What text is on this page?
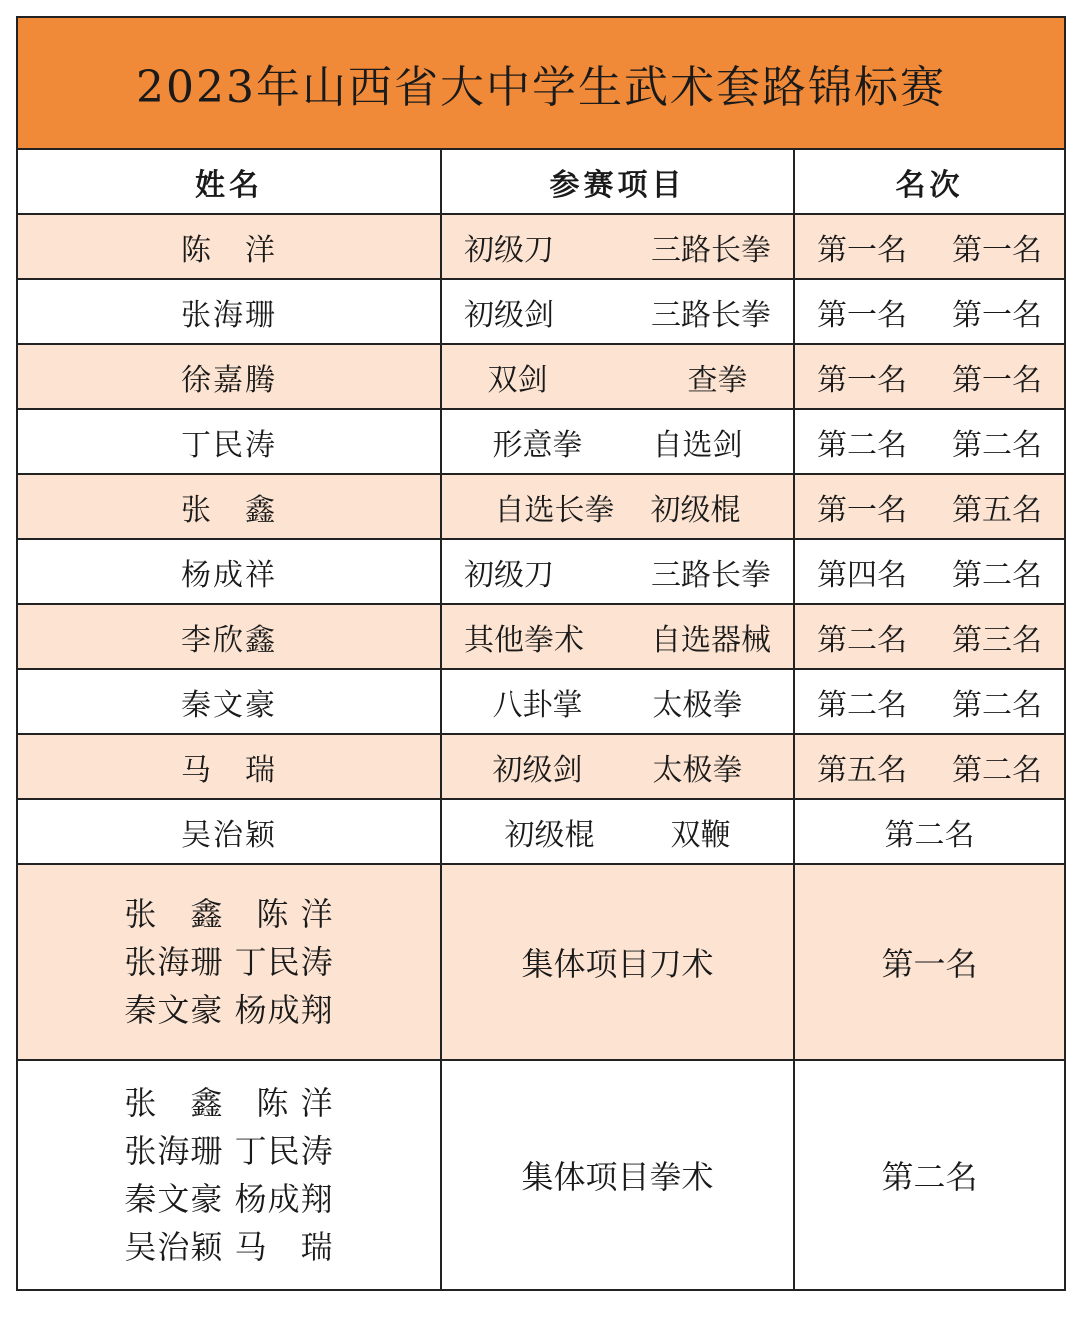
2023年山西省大中学生武术套路锦标赛		
姓名	参赛项目	名次
陈　洋	初级刀 三路长拳	第一名 第一名

张海珊	初级剑 三路长拳	第一名 第一名

徐嘉腾	双剑 查拳	第一名 第一名

丁民涛	形意拳 自选剑	第二名 第二名

张　鑫	自选长拳 初级棍	第一名 第五名

杨成祥	初级刀 三路长拳	第四名 第二名

李欣鑫	其他拳术 自选器械	第二名 第三名

秦文豪	八卦掌 太极拳	第二名 第二名

马　瑞	初级剑 太极拳	第五名 第二名

吴治颖	初级棍 双鞭	第二名

张　鑫　陈 洋
张海珊 丁民涛
秦文豪 杨成翔	集体项目刀术	第一名

张　鑫　陈 洋
张海珊 丁民涛
秦文豪 杨成翔
吴治颖 马　瑞	集体项目拳术	第二名
